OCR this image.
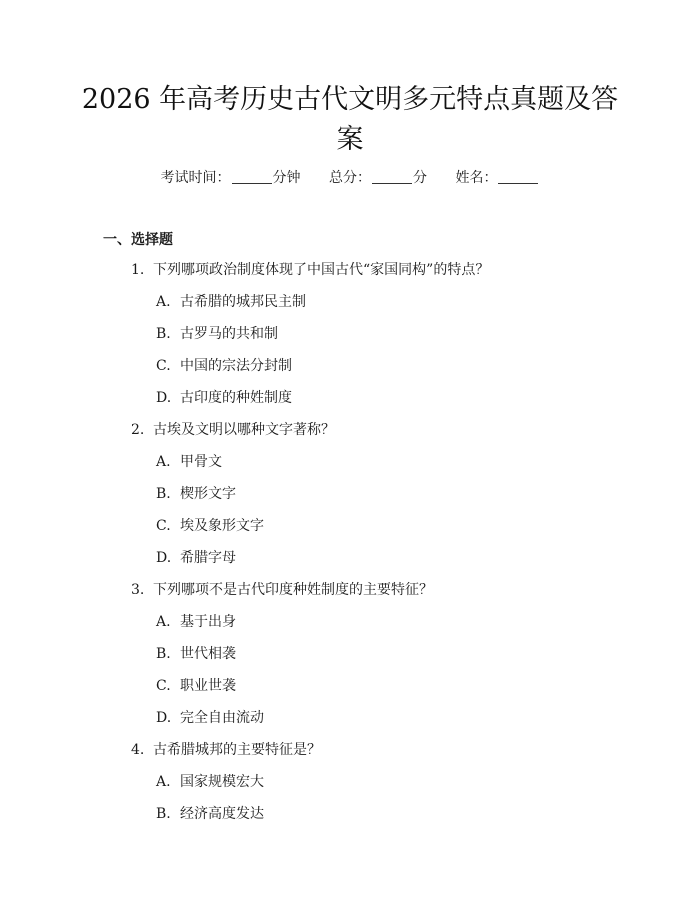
2026 年高考历史古代文明多元特点真题及答案
考试时间：	分钟 总分：	分 姓名：
一、选择题
1. 下列哪项政治制度体现了中国古代“家国同构”的特点？
A. 古希腊的城邦民主制
B. 古罗马的共和制
C. 中国的宗法分封制
D. 古印度的种姓制度
2. 古埃及文明以哪种文字著称？
A. 甲骨文
B. 楔形文字
C. 埃及象形文字
D. 希腊字母
3. 下列哪项不是古代印度种姓制度的主要特征？
A. 基于出身
B. 世代相袭
C. 职业世袭
D. 完全自由流动
4. 古希腊城邦的主要特征是？
A. 国家规模宏大
B. 经济高度发达
